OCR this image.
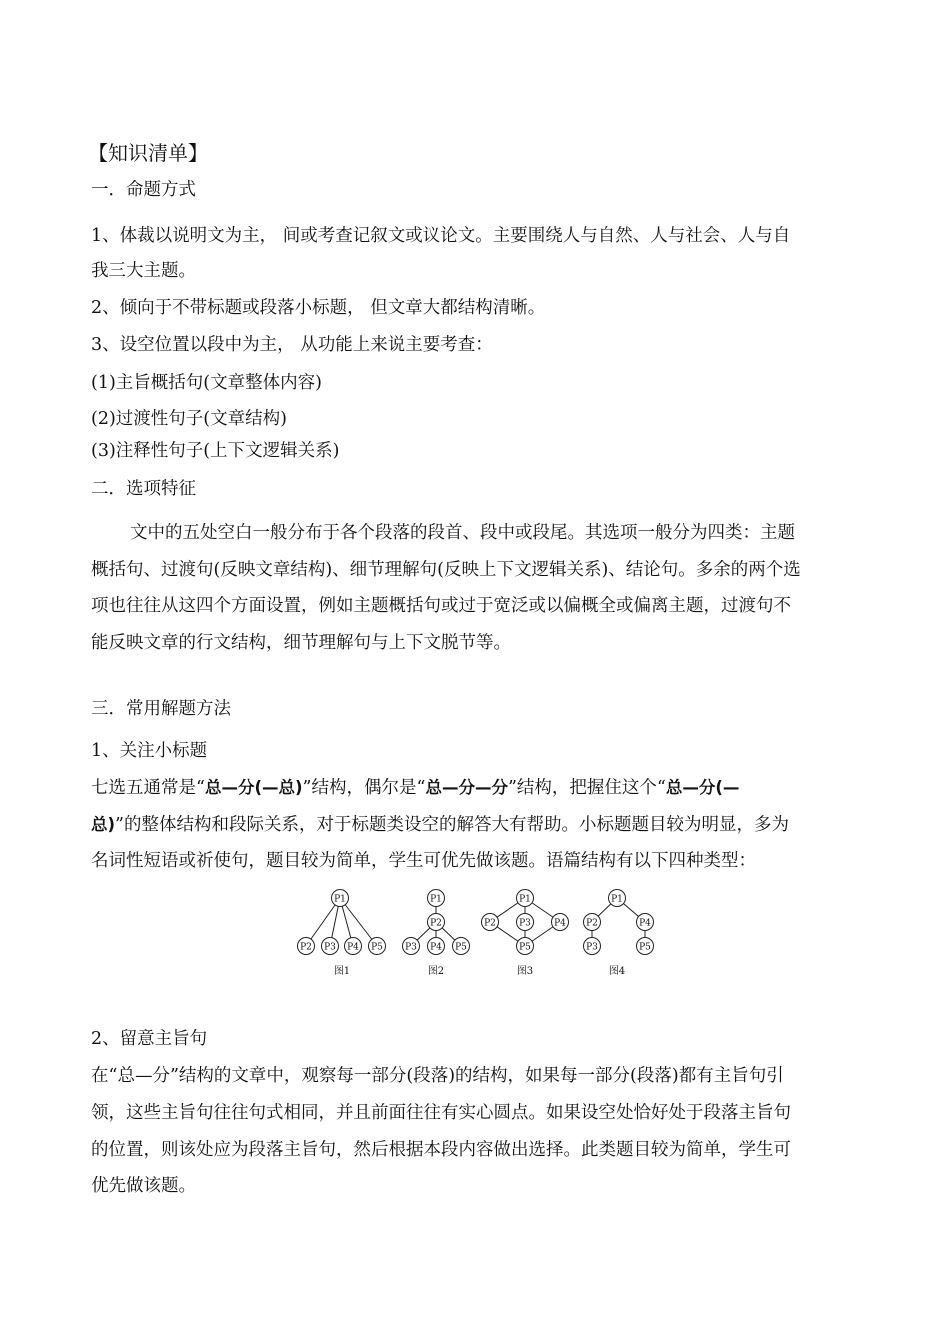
【知识清单】
一．命题方式
1、体裁以说明文为主， 间或考查记叙文或议论文。主要围绕人与自然、人与社会、人与自
我三大主题。
2、倾向于不带标题或段落小标题， 但文章大都结构清晰。
3、设空位置以段中为主， 从功能上来说主要考查：
(1)主旨概括句(文章整体内容)
(2)过渡性句子(文章结构)
(3)注释性句子(上下文逻辑关系)
二．选项特征
文中的五处空白一般分布于各个段落的段首、段中或段尾。其选项一般分为四类：主题
概括句、过渡句(反映文章结构)、细节理解句(反映上下文逻辑关系)、结论句。多余的两个选
项也往往从这四个方面设置，例如主题概括句或过于宽泛或以偏概全或偏离主题，过渡句不
能反映文章的行文结构，细节理解句与上下文脱节等。
三．常用解题方法
1、关注小标题
七选五通常是“总—分(—总)”结构，偶尔是“总—分—分”结构，把握住这个“总—分(—
总)”的整体结构和段际关系，对于标题类设空的解答大有帮助。小标题题目较为明显，多为
名词性短语或祈使句，题目较为简单，学生可优先做该题。语篇结构有以下四种类型：
P1
P2 P3 P4 P5
P1
P2
P3 P4 P5
P1
P2	P3	P4
P5
P1
P2	P4
P3	P5
图1	图2	图3	图4
2、留意主旨句
在“总—分”结构的文章中，观察每一部分(段落)的结构，如果每一部分(段落)都有主旨句引
领，这些主旨句往往句式相同，并且前面往往有实心圆点。如果设空处恰好处于段落主旨句
的位置，则该处应为段落主旨句，然后根据本段内容做出选择。此类题目较为简单，学生可
优先做该题。
